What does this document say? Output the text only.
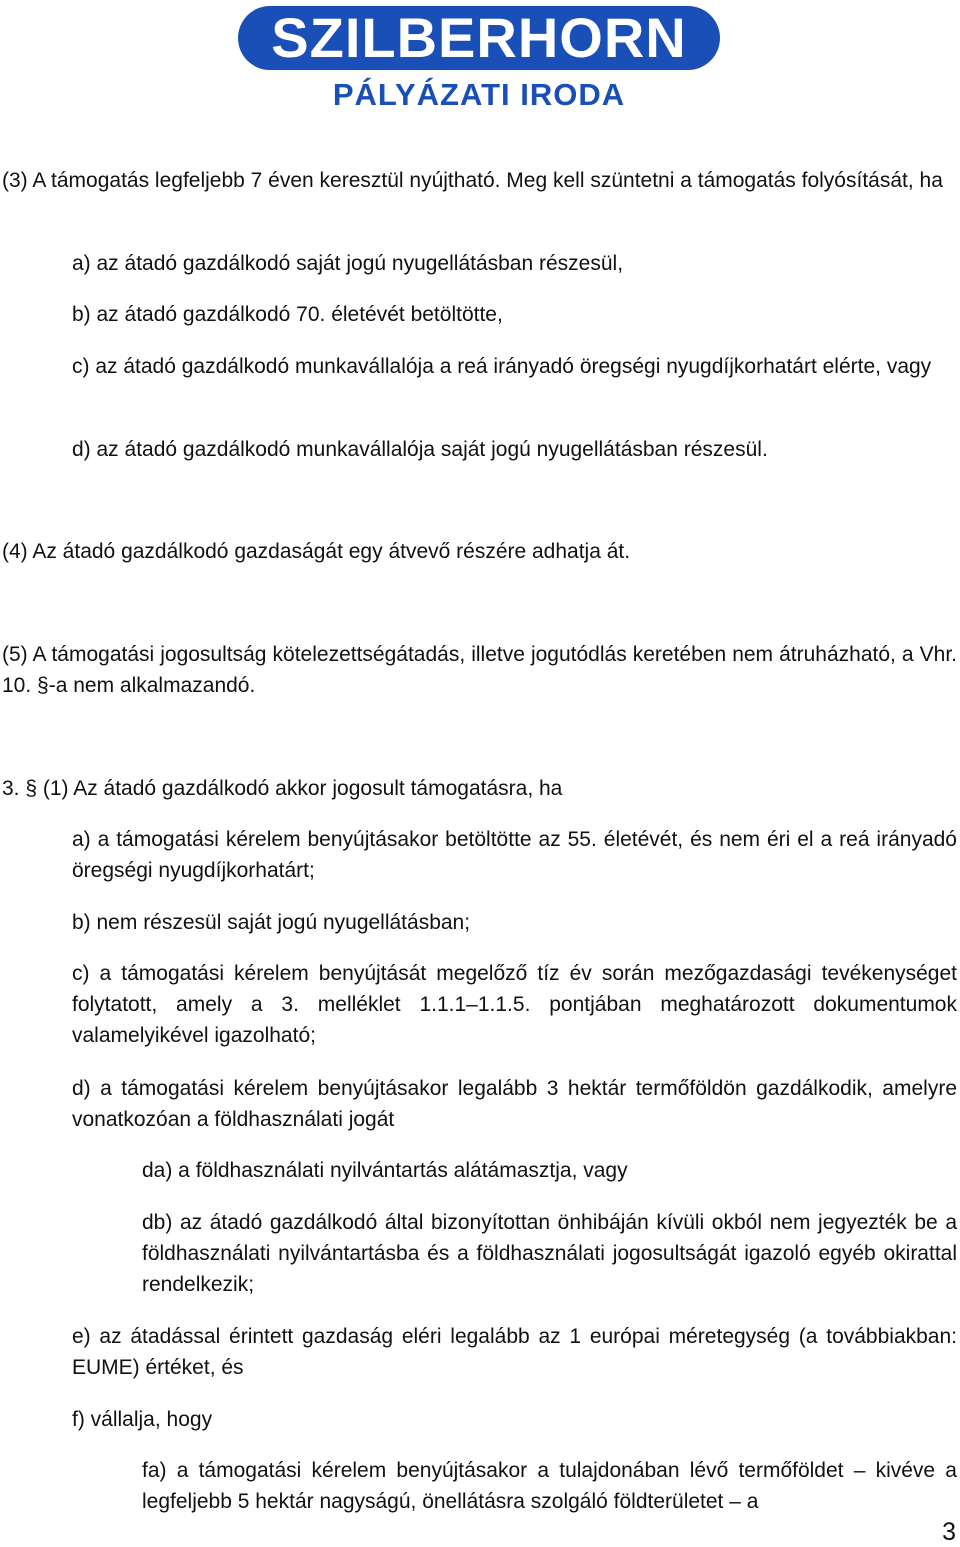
SZILBERHORN
PÁLYÁZATI IRODA

(3) A támogatás legfeljebb 7 éven keresztül nyújtható. Meg kell szüntetni a támogatás folyósítását, ha

a) az átadó gazdálkodó saját jogú nyugellátásban részesül,

b) az átadó gazdálkodó 70. életévét betöltötte,

c) az átadó gazdálkodó munkavállalója a reá irányadó öregségi nyugdíjkorhatárt elérte, vagy

d) az átadó gazdálkodó munkavállalója saját jogú nyugellátásban részesül.

(4) Az átadó gazdálkodó gazdaságát egy átvevő részére adhatja át.

(5) A támogatási jogosultság kötelezettségátadás, illetve jogutódlás keretében nem átruházható, a Vhr. 10. §-a nem alkalmazandó.

3. § (1) Az átadó gazdálkodó akkor jogosult támogatásra, ha

a) a támogatási kérelem benyújtásakor betöltötte az 55. életévét, és nem éri el a reá irányadó öregségi nyugdíjkorhatárt;

b) nem részesül saját jogú nyugellátásban;

c) a támogatási kérelem benyújtását megelőző tíz év során mezőgazdasági tevékenységet folytatott, amely a 3. melléklet 1.1.1–1.1.5. pontjában meghatározott dokumentumok valamelyikével igazolható;

d) a támogatási kérelem benyújtásakor legalább 3 hektár termőföldön gazdálkodik, amelyre vonatkozóan a földhasználati jogát

da) a földhasználati nyilvántartás alátámasztja, vagy

db) az átadó gazdálkodó által bizonyítottan önhibáján kívüli okból nem jegyezték be a földhasználati nyilvántartásba és a földhasználati jogosultságát igazoló egyéb okirattal rendelkezik;

e) az átadással érintett gazdaság eléri legalább az 1 európai méretegység (a továbbiakban: EUME) értéket, és

f) vállalja, hogy

fa) a támogatási kérelem benyújtásakor a tulajdonában lévő termőföldet – kivéve a legfeljebb 5 hektár nagyságú, önellátásra szolgáló földterületet – a

3
